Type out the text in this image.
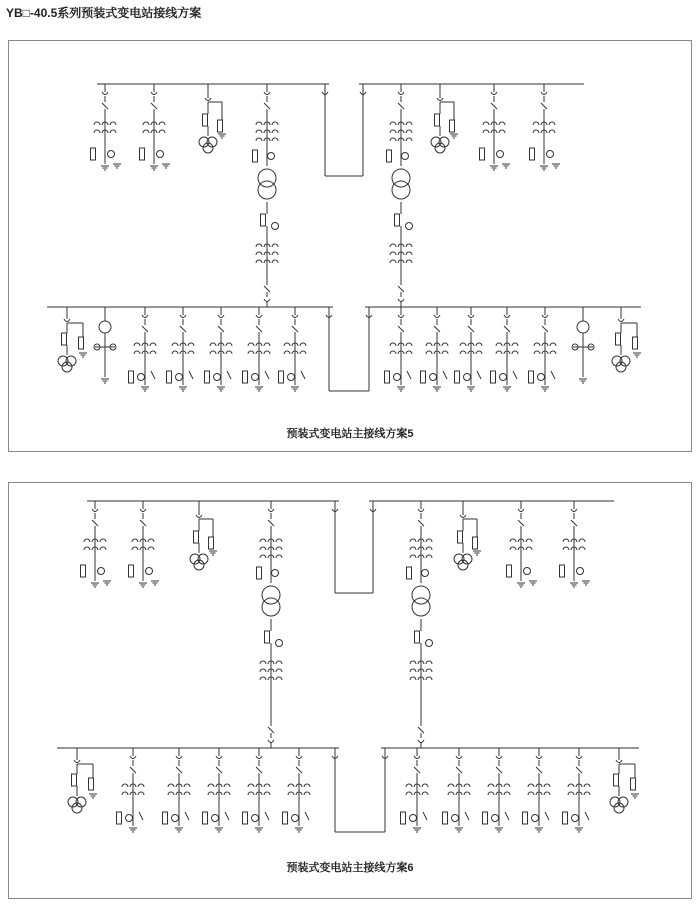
YB□-40.5系列预装式变电站接线方案
预装式变电站主接线方案5
预装式变电站主接线方案6
